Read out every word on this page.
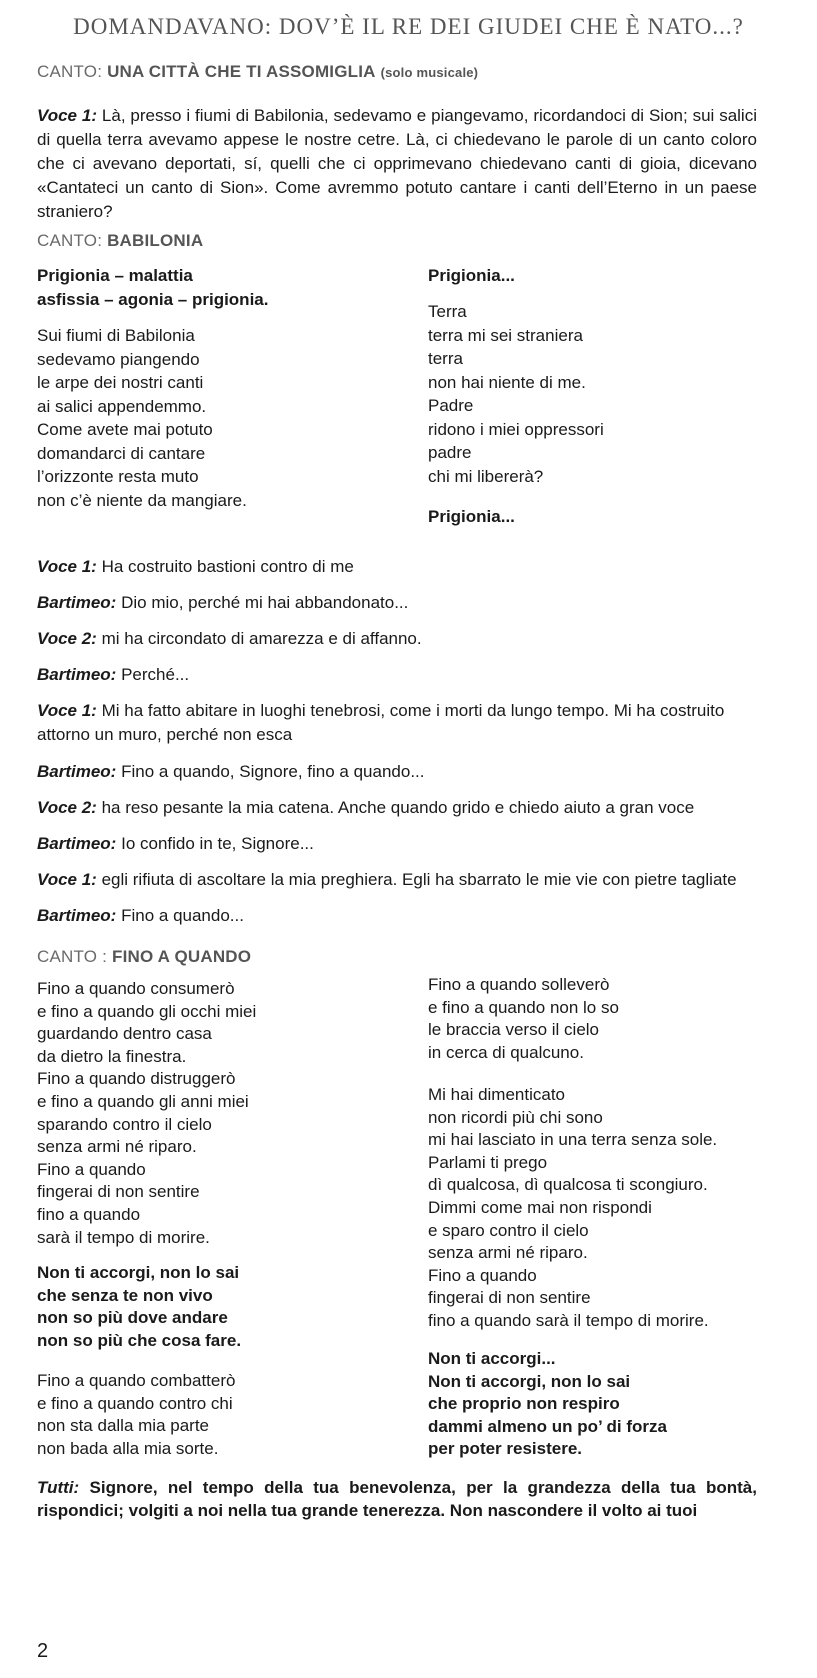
DOMANDAVANO: DOV’È IL RE DEI GIUDEI CHE È NATO...?
CANTO: UNA CITTÀ CHE TI ASSOMIGLIA (solo musicale)
Voce 1: Là, presso i fiumi di Babilonia, sedevamo e piangevamo, ricordandoci di Sion; sui salici di quella terra avevamo appese le nostre cetre. Là, ci chiedevano le parole di un canto coloro che ci avevano deportati, sí, quelli che ci opprimevano chiedevano canti di gioia, dicevano «Cantateci un canto di Sion». Come avremmo potuto cantare i canti dell’Eterno in un paese straniero?
CANTO: BABILONIA
Prigionia – malattia
asfissia – agonia – prigionia.
Sui fiumi di Babilonia
sedevamo piangendo
le arpe dei nostri canti
ai salici appendemmo.
Come avete mai potuto
domandarci di cantare
l’orizzonte resta muto
non c’è niente da mangiare.
Prigionia...
Terra
terra mi sei straniera
terra
non hai niente di me.
Padre
ridono i miei oppressori
padre
chi mi libererà?
Prigionia...
Voce 1: Ha costruito bastioni contro di me
Bartimeo: Dio mio, perché mi hai abbandonato...
Voce 2: mi ha circondato di amarezza e di affanno.
Bartimeo: Perché...
Voce 1: Mi ha fatto abitare in luoghi tenebrosi, come i morti da lungo tempo. Mi ha costruito attorno un muro, perché non esca
Bartimeo: Fino a quando, Signore, fino a quando...
Voce 2: ha reso pesante la mia catena. Anche quando grido e chiedo aiuto a gran voce
Bartimeo: Io confido in te, Signore...
Voce 1: egli rifiuta di ascoltare la mia preghiera. Egli ha sbarrato le mie vie con pietre tagliate
Bartimeo: Fino a quando...
CANTO : FINO A QUANDO
Fino a quando consumerò
e fino a quando gli occhi miei
guardando dentro casa
da dietro la finestra.
Fino a quando distruggerò
e fino a quando gli anni miei
sparando contro il cielo
senza armi né riparo.
Fino a quando
fingerai di non sentire
fino a quando
sarà il tempo di morire.
Non ti accorgi, non lo sai
che senza te non vivo
non so più dove andare
non so più che cosa fare.
Fino a quando combatterò
e fino a quando contro chi
non sta dalla mia parte
non bada alla mia sorte.
Fino a quando solleverò
e fino a quando non lo so
le braccia verso il cielo
in cerca di qualcuno.
Mi hai dimenticato
non ricordi più chi sono
mi hai lasciato in una terra senza sole.
Parlami ti prego
dì qualcosa, dì qualcosa ti scongiuro.
Dimmi come mai non rispondi
e sparo contro il cielo
senza armi né riparo.
Fino a quando
fingerai di non sentire
fino a quando sarà il tempo di morire.
Non ti accorgi...
Non ti accorgi, non lo sai
che proprio non respiro
dammi almeno un po’ di forza
per poter resistere.
Tutti: Signore, nel tempo della tua benevolenza, per la grandezza della tua bontà, rispondici; volgiti a noi nella tua grande tenerezza. Non nascondere il volto ai tuoi
2
